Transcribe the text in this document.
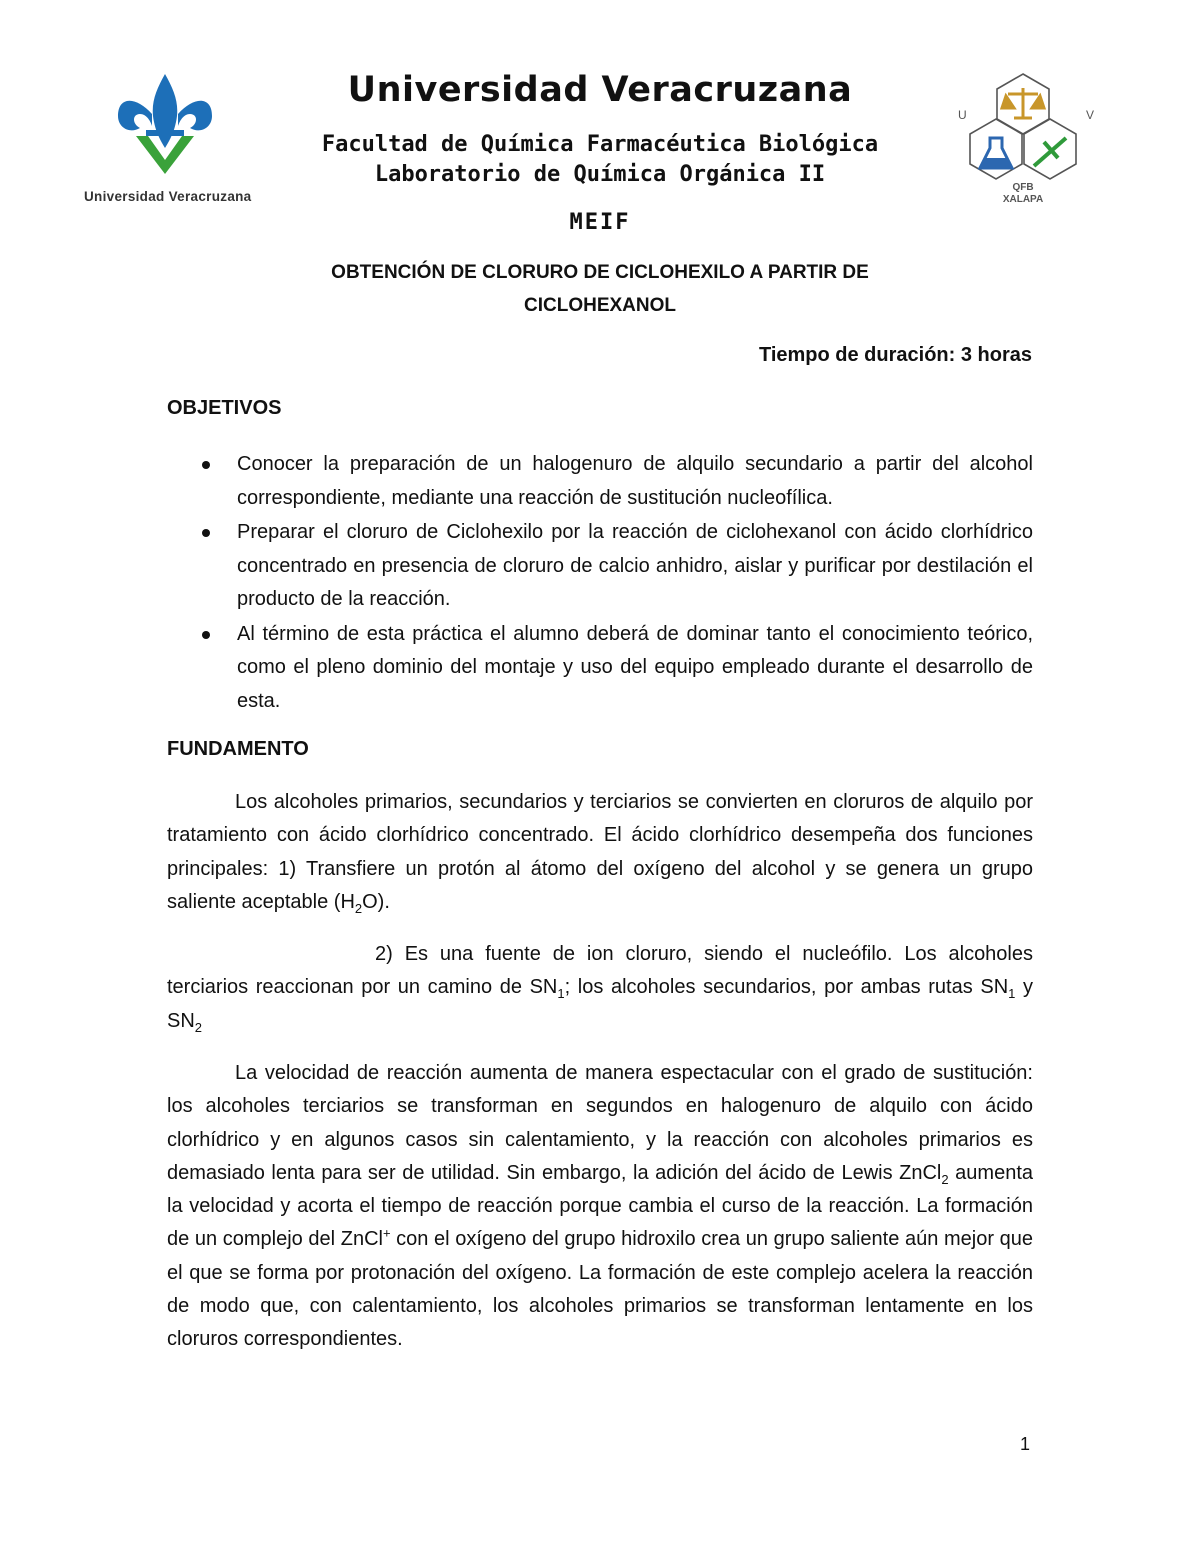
Universidad Veracruzana
U	V
QFB
XALAPA
Universidad Veracruzana
Facultad de Química Farmacéutica Biológica
Laboratorio de Química Orgánica II
MEIF
OBTENCIÓN DE CLORURO DE CICLOHEXILO A PARTIR DE
CICLOHEXANOL
Tiempo de duración: 3 horas
OBJETIVOS
Conocer la preparación de un halogenuro de alquilo secundario a partir del alcohol correspondiente, mediante una reacción de sustitución nucleofílica.
Preparar el cloruro de Ciclohexilo por la reacción de ciclohexanol con ácido clorhídrico concentrado en presencia de cloruro de calcio anhidro, aislar y purificar por destilación el producto de la reacción.
Al término de esta práctica el alumno deberá de dominar tanto el conocimiento teórico, como el pleno dominio del montaje y uso del equipo empleado durante el desarrollo de esta.
FUNDAMENTO

Los alcoholes primarios, secundarios y terciarios se convierten en cloruros de alquilo por tratamiento con ácido clorhídrico concentrado. El ácido clorhídrico desempeña dos funciones principales: 1) Transfiere un protón al átomo del oxígeno del alcohol y se genera un grupo saliente aceptable $(H_2O)$.

2) Es una fuente de ion cloruro, siendo el nucleófilo. Los alcoholes terciarios reaccionan por un camino de $SN_1$; los alcoholes secundarios, por ambas rutas $SN_1$ y $SN_2$

La velocidad de reacción aumenta de manera espectacular con el grado de sustitución: los alcoholes terciarios se transforman en segundos en halogenuro de alquilo con ácido clorhídrico y en algunos casos sin calentamiento, y la reacción con alcoholes primarios es demasiado lenta para ser de utilidad. Sin embargo, la adición del ácido de Lewis ZnCl$_2$ aumenta la velocidad y acorta el tiempo de reacción porque cambia el curso de la reacción. La formación de un complejo del ZnCl+ con el oxígeno del grupo hidroxilo crea un grupo saliente aún mejor que el que se forma por protonación del oxígeno. La formación de este complejo acelera la reacción de modo que, con calentamiento, los alcoholes primarios se transforman lentamente en los cloruros correspondientes.

1
